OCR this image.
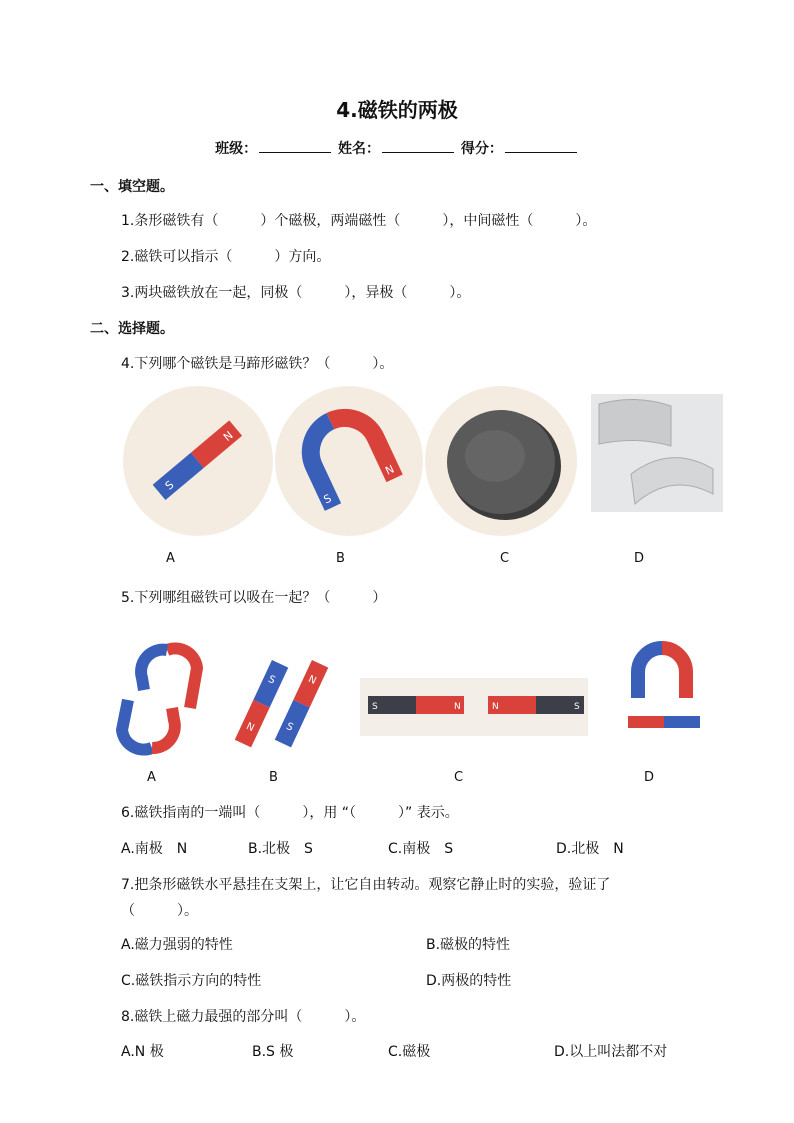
4.磁铁的两极
班级：	姓名：	得分：
一、填空题。
1.条形磁铁有（　　　）个磁极，两端磁性（　　　），中间磁性（　　　）。
2.磁铁可以指示（　　　）方向。
3.两块磁铁放在一起，同极（　　　），异极（　　　）。
二、选择题。
4.下列哪个磁铁是马蹄形磁铁？（　　　）。
S
N
S
N
A	B	C	D
5.下列哪组磁铁可以吸在一起？（　　　）
S
N
N
S
S	N	N	S
A	B	C	D
6.磁铁指南的一端叫（　　　），用 “（　　　）” 表示。
A.南极　N	B.北极　S	C.南极　S	D.北极　N
7.把条形磁铁水平悬挂在支架上，让它自由转动。观察它静止时的实验，验证了
（　　　）。
A.磁力强弱的特性	B.磁极的特性
C.磁铁指示方向的特性	D.两极的特性
8.磁铁上磁力最强的部分叫（　　　）。
A.N 极	B.S 极	C.磁极	D.以上叫法都不对
